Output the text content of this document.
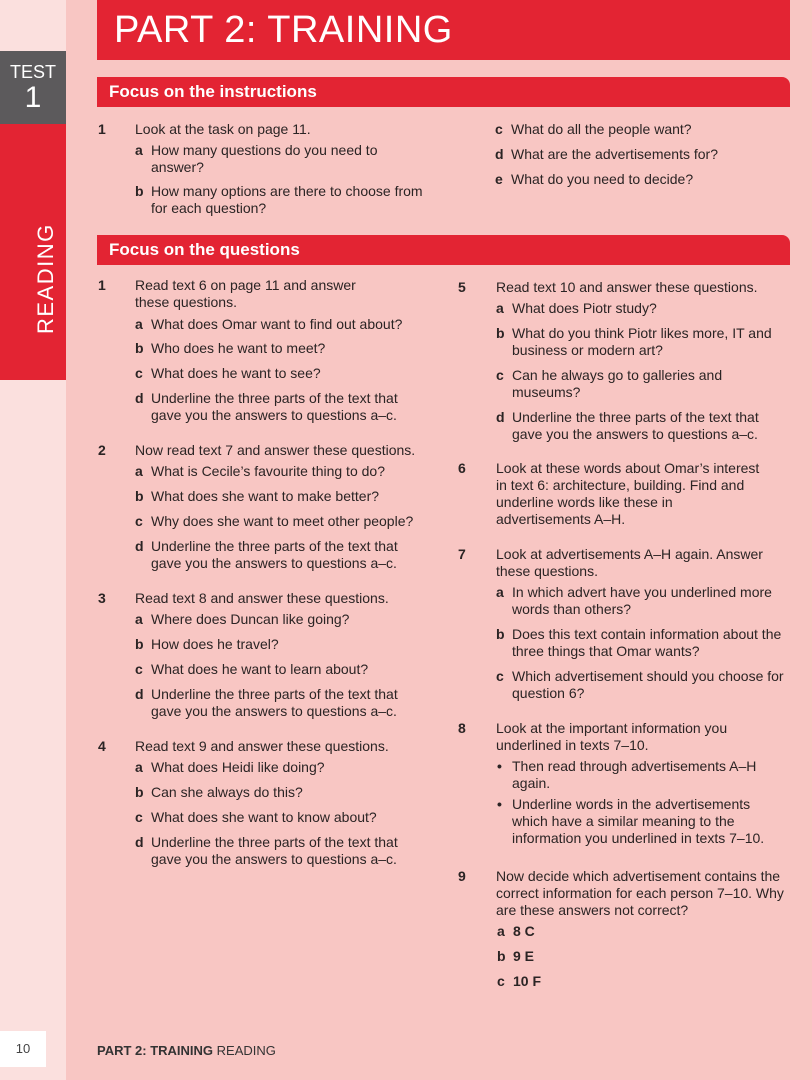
PART 2: TRAINING
TEST
1
READING
Focus on the instructions
1 Look at the task on page 11.
a How many questions do you need to answer?
b How many options are there to choose from for each question?
c What do all the people want?
d What are the advertisements for?
e What do you need to decide?
Focus on the questions
1 Read text 6 on page 11 and answer these questions.
a What does Omar want to find out about?
b Who does he want to meet?
c What does he want to see?
d Underline the three parts of the text that gave you the answers to questions a–c.
2 Now read text 7 and answer these questions.
a What is Cecile’s favourite thing to do?
b What does she want to make better?
c Why does she want to meet other people?
d Underline the three parts of the text that gave you the answers to questions a–c.
3 Read text 8 and answer these questions.
a Where does Duncan like going?
b How does he travel?
c What does he want to learn about?
d Underline the three parts of the text that gave you the answers to questions a–c.
4 Read text 9 and answer these questions.
a What does Heidi like doing?
b Can she always do this?
c What does she want to know about?
d Underline the three parts of the text that gave you the answers to questions a–c.
5 Read text 10 and answer these questions.
a What does Piotr study?
b What do you think Piotr likes more, IT and business or modern art?
c Can he always go to galleries and museums?
d Underline the three parts of the text that gave you the answers to questions a–c.
6 Look at these words about Omar’s interest in text 6: architecture, building. Find and underline words like these in advertisements A–H.
7 Look at advertisements A–H again. Answer these questions.
a In which advert have you underlined more words than others?
b Does this text contain information about the three things that Omar wants?
c Which advertisement should you choose for question 6?
8 Look at the important information you underlined in texts 7–10.
• Then read through advertisements A–H again.
• Underline words in the advertisements which have a similar meaning to the information you underlined in texts 7–10.
9 Now decide which advertisement contains the correct information for each person 7–10. Why are these answers not correct?
a 8 C
b 9 E
c 10 F
10	PART 2: TRAINING READING
